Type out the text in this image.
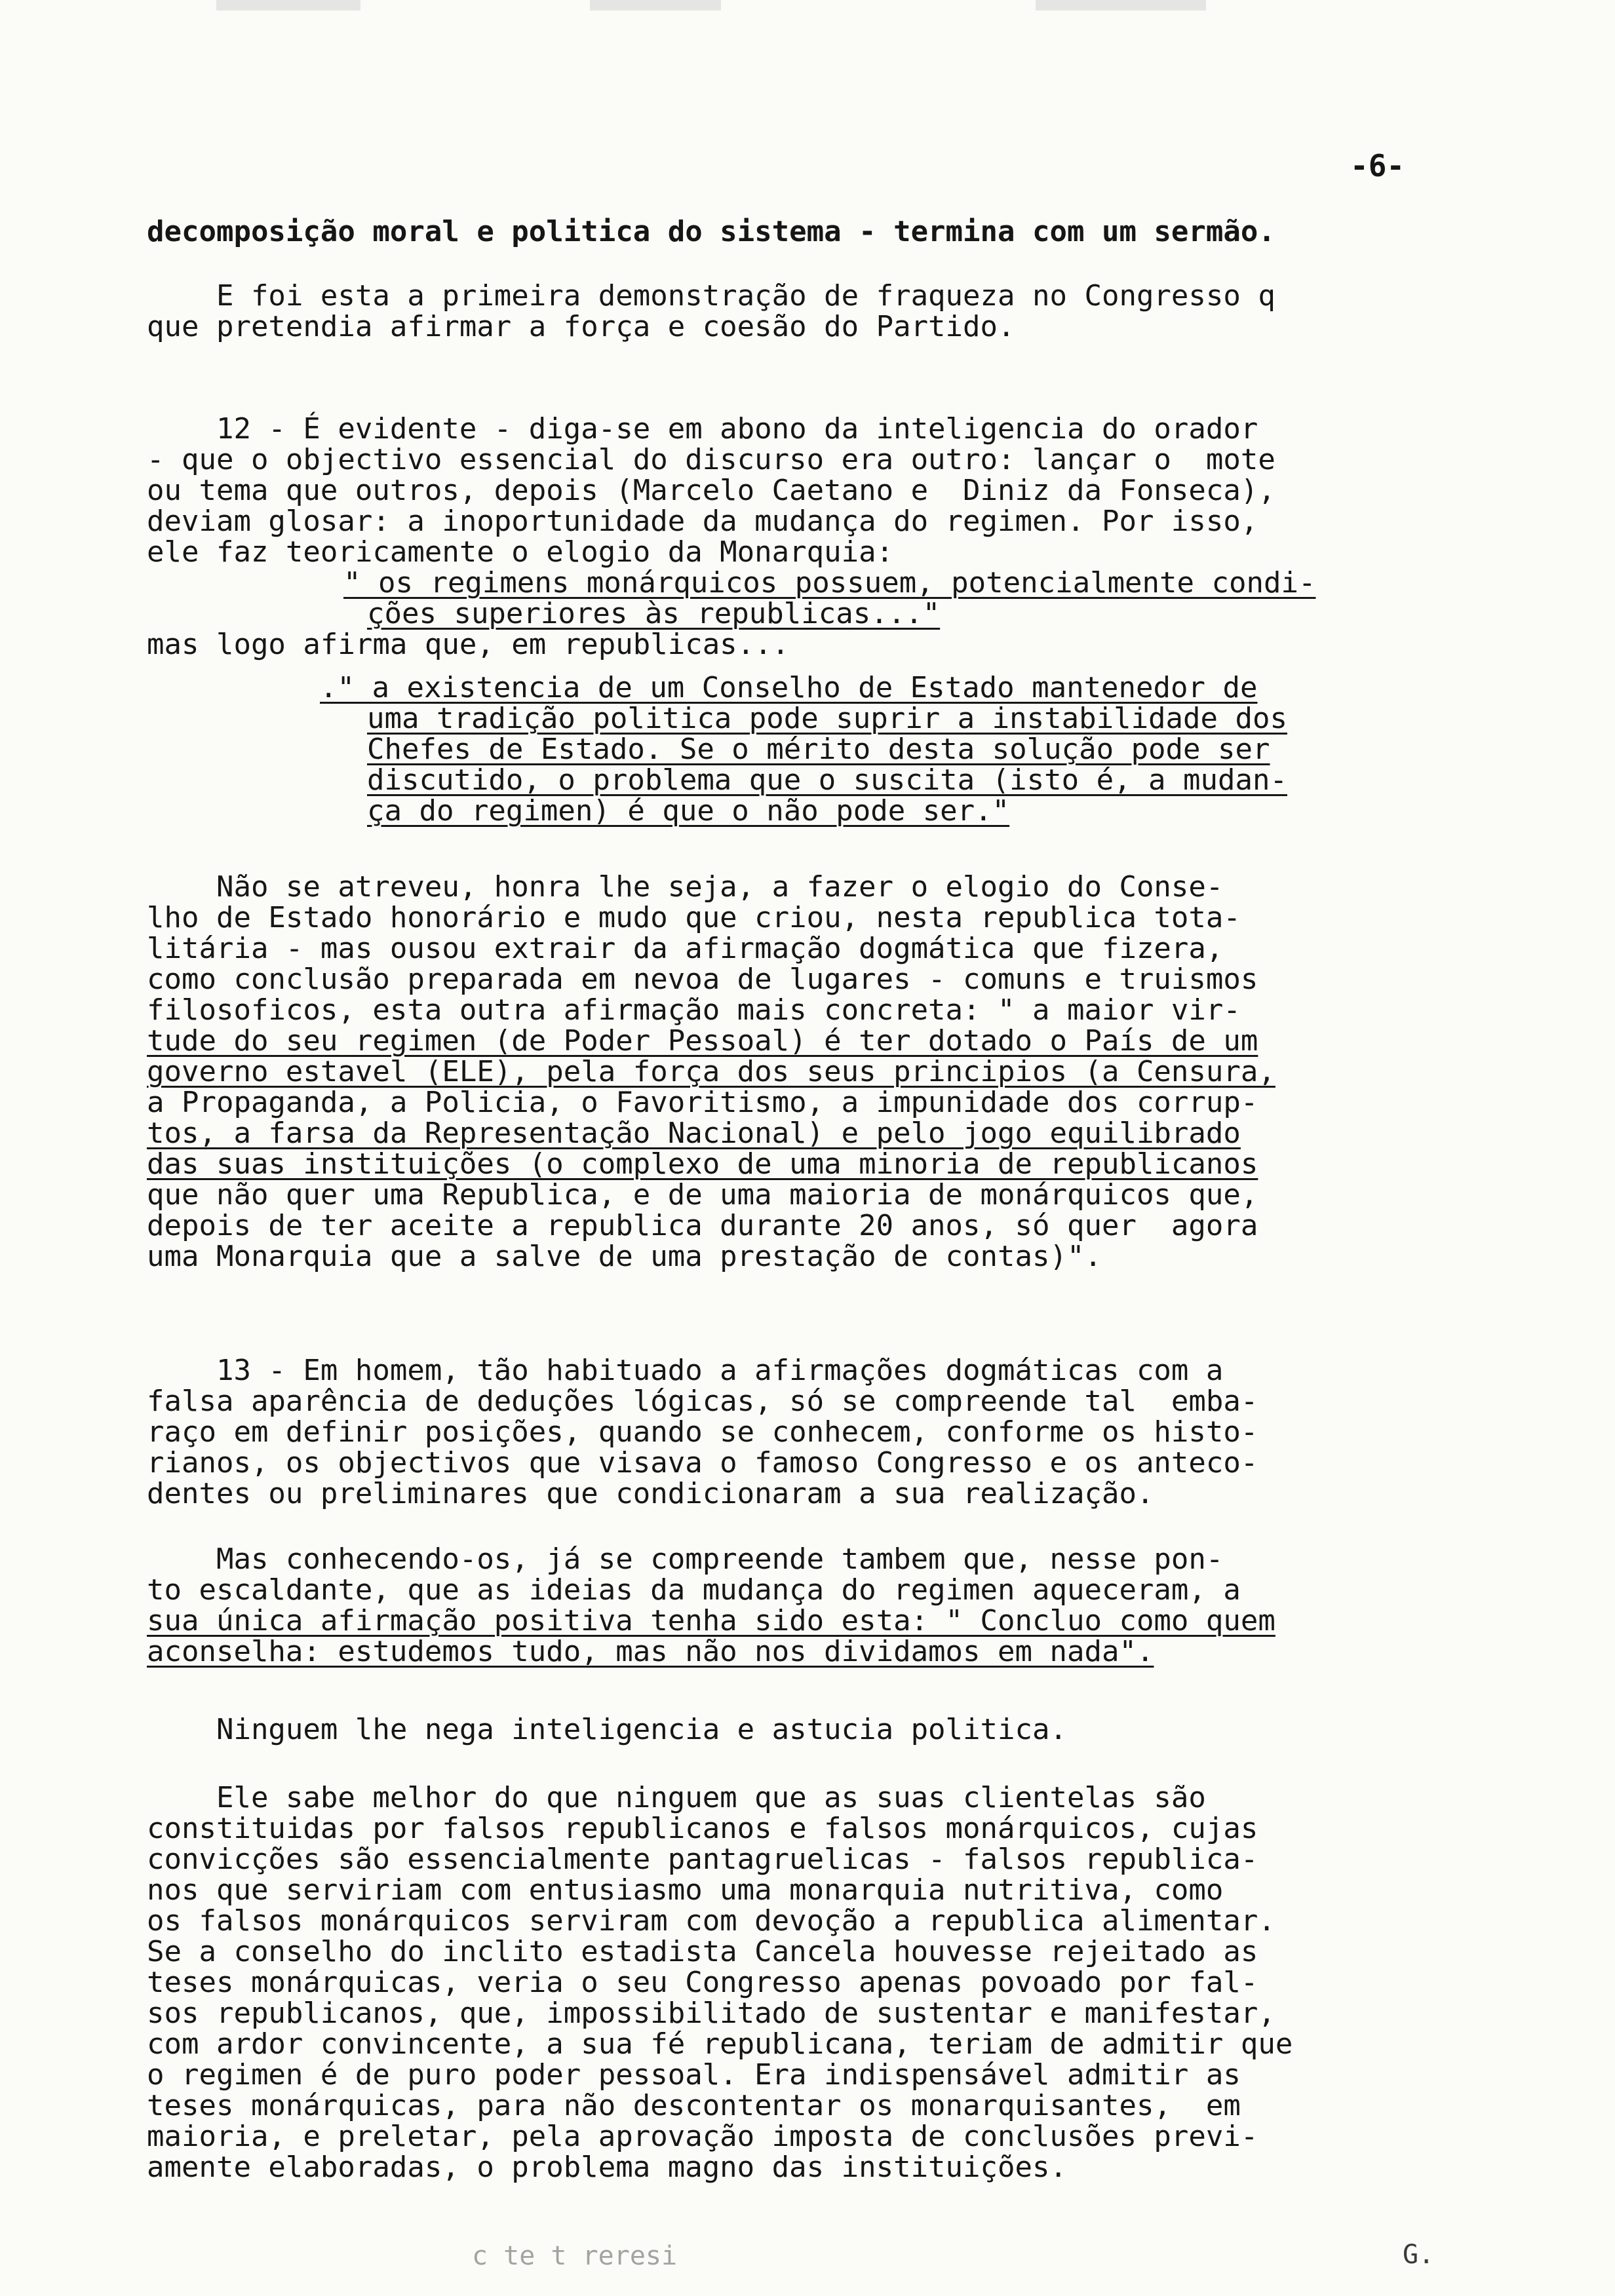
-6-
decomposição moral e politica do sistema - termina com um sermão.
E foi esta a primeira demonstração de fraqueza no Congresso q
que pretendia afirmar a força e coesão do Partido.
12 - É evidente - diga-se em abono da inteligencia do orador
- que o objectivo essencial do discurso era outro: lançar o  mote
ou tema que outros, depois (Marcelo Caetano e  Diniz da Fonseca),
deviam glosar: a inoportunidade da mudança do regimen. Por isso,
ele faz teoricamente o elogio da Monarquia:
" os regimens monárquicos possuem, potencialmente condi-
ções superiores às republicas..."
mas logo afirma que, em republicas...
." a existencia de um Conselho de Estado mantenedor de
uma tradição politica pode suprir a instabilidade dos
Chefes de Estado. Se o mérito desta solução pode ser
discutido, o problema que o suscita (isto é, a mudan-
ça do regimen) é que o não pode ser."
Não se atreveu, honra lhe seja, a fazer o elogio do Conse-
lho de Estado honorário e mudo que criou, nesta republica tota-
litária - mas ousou extrair da afirmação dogmática que fizera,
como conclusão preparada em nevoa de lugares - comuns e truismos
filosoficos, esta outra afirmação mais concreta: " a maior vir-
tude do seu regimen (de Poder Pessoal) é ter dotado o País de um
governo estavel (ELE), pela força dos seus principios (a Censura,
a Propaganda, a Policia, o Favoritismo, a impunidade dos corrup-
tos, a farsa da Representação Nacional) e pelo jogo equilibrado
das suas instituições (o complexo de uma minoria de republicanos
que não quer uma Republica, e de uma maioria de monárquicos que,
depois de ter aceite a republica durante 20 anos, só quer  agora
uma Monarquia que a salve de uma prestação de contas)".
13 - Em homem, tão habituado a afirmações dogmáticas com a
falsa aparência de deduções lógicas, só se compreende tal  emba-
raço em definir posições, quando se conhecem, conforme os histo-
rianos, os objectivos que visava o famoso Congresso e os anteco-
dentes ou preliminares que condicionaram a sua realização.
Mas conhecendo-os, já se compreende tambem que, nesse pon-
to escaldante, que as ideias da mudança do regimen aqueceram, a
sua única afirmação positiva tenha sido esta: " Concluo como quem
aconselha: estudemos tudo, mas não nos dividamos em nada".
Ninguem lhe nega inteligencia e astucia politica.
Ele sabe melhor do que ninguem que as suas clientelas são
constituidas por falsos republicanos e falsos monárquicos, cujas
convicções são essencialmente pantagruelicas - falsos republica-
nos que serviriam com entusiasmo uma monarquia nutritiva, como
os falsos monárquicos serviram com devoção a republica alimentar.
Se a conselho do inclito estadista Cancela houvesse rejeitado as
teses monárquicas, veria o seu Congresso apenas povoado por fal-
sos republicanos, que, impossibilitado de sustentar e manifestar,
com ardor convincente, a sua fé republicana, teriam de admitir que
o regimen é de puro poder pessoal. Era indispensável admitir as
teses monárquicas, para não descontentar os monarquisantes,  em
maioria, e preletar, pela aprovação imposta de conclusões previ-
amente elaboradas, o problema magno das instituições.
c te t reresi	G.
